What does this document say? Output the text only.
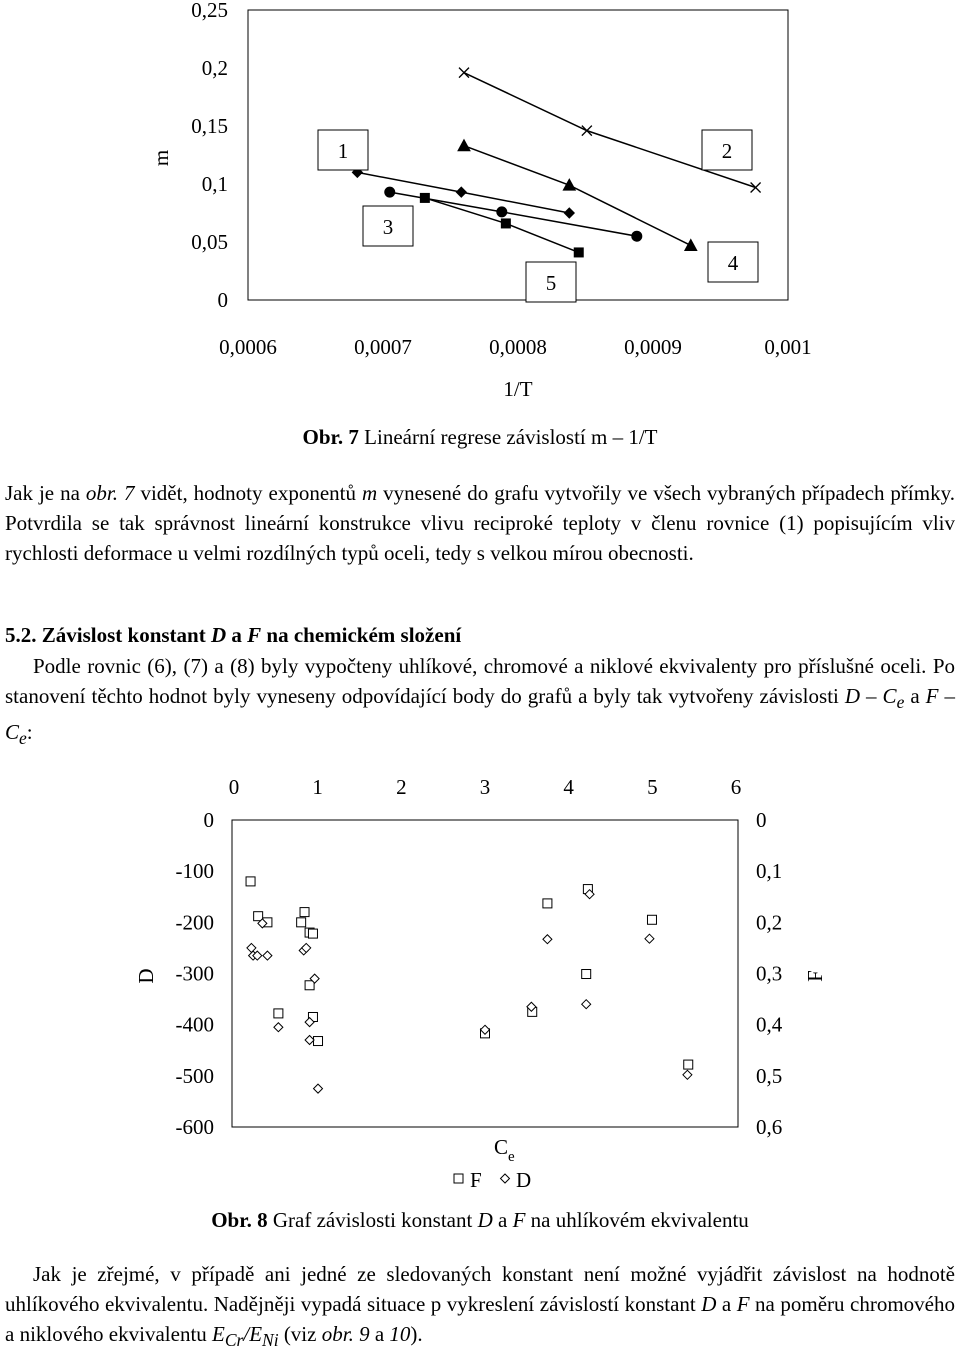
0
0,05
0,1
0,15
0,2
0,25
0,0006	0,0007	0,0008	0,0009	0,001
m
1/T
1	2
3
4
5
Obr. 7 Lineární regrese závislostí m – 1/T

Jak je na obr. 7 vidět, hodnoty exponentů m vynesené do grafu vytvořily ve všech vybraných případech přímky. Potvrdila se tak správnost lineární konstrukce vlivu reciproké teploty v členu rovnice (1) popisujícím vliv rychlosti deformace u velmi rozdílných typů oceli, tedy s velkou mírou obecnosti.

5.2. Závislost konstant D a F na chemickém složení

Podle rovnic (6), (7) a (8) byly vypočteny uhlíkové, chromové a niklové ekvivalenty pro příslušné oceli. Po stanovení těchto hodnot byly vyneseny odpovídající body do grafů a byly tak vytvořeny závislosti D – $C_e$ a F – $C_e$:

0	1	2	3	4	5	6
0
-100
-200
-300
-400
-500
-600
0
0,1
0,2
0,3
0,4
0,5
0,6
D	F
$C_e$
F D
Obr. 8 Graf závislosti konstant D a F na uhlíkovém ekvivalentu

Jak je zřejmé, v případě ani jedné ze sledovaných konstant není možné vyjádřit závislost na hodnotě uhlíkového ekvivalentu. Nadějněji vypadá situace p vykreslení závislostí konstant D a F na poměru chromového a niklového ekvivalentu $E_{Cr}/E_{Ni}$ (viz obr. 9 a 10).
